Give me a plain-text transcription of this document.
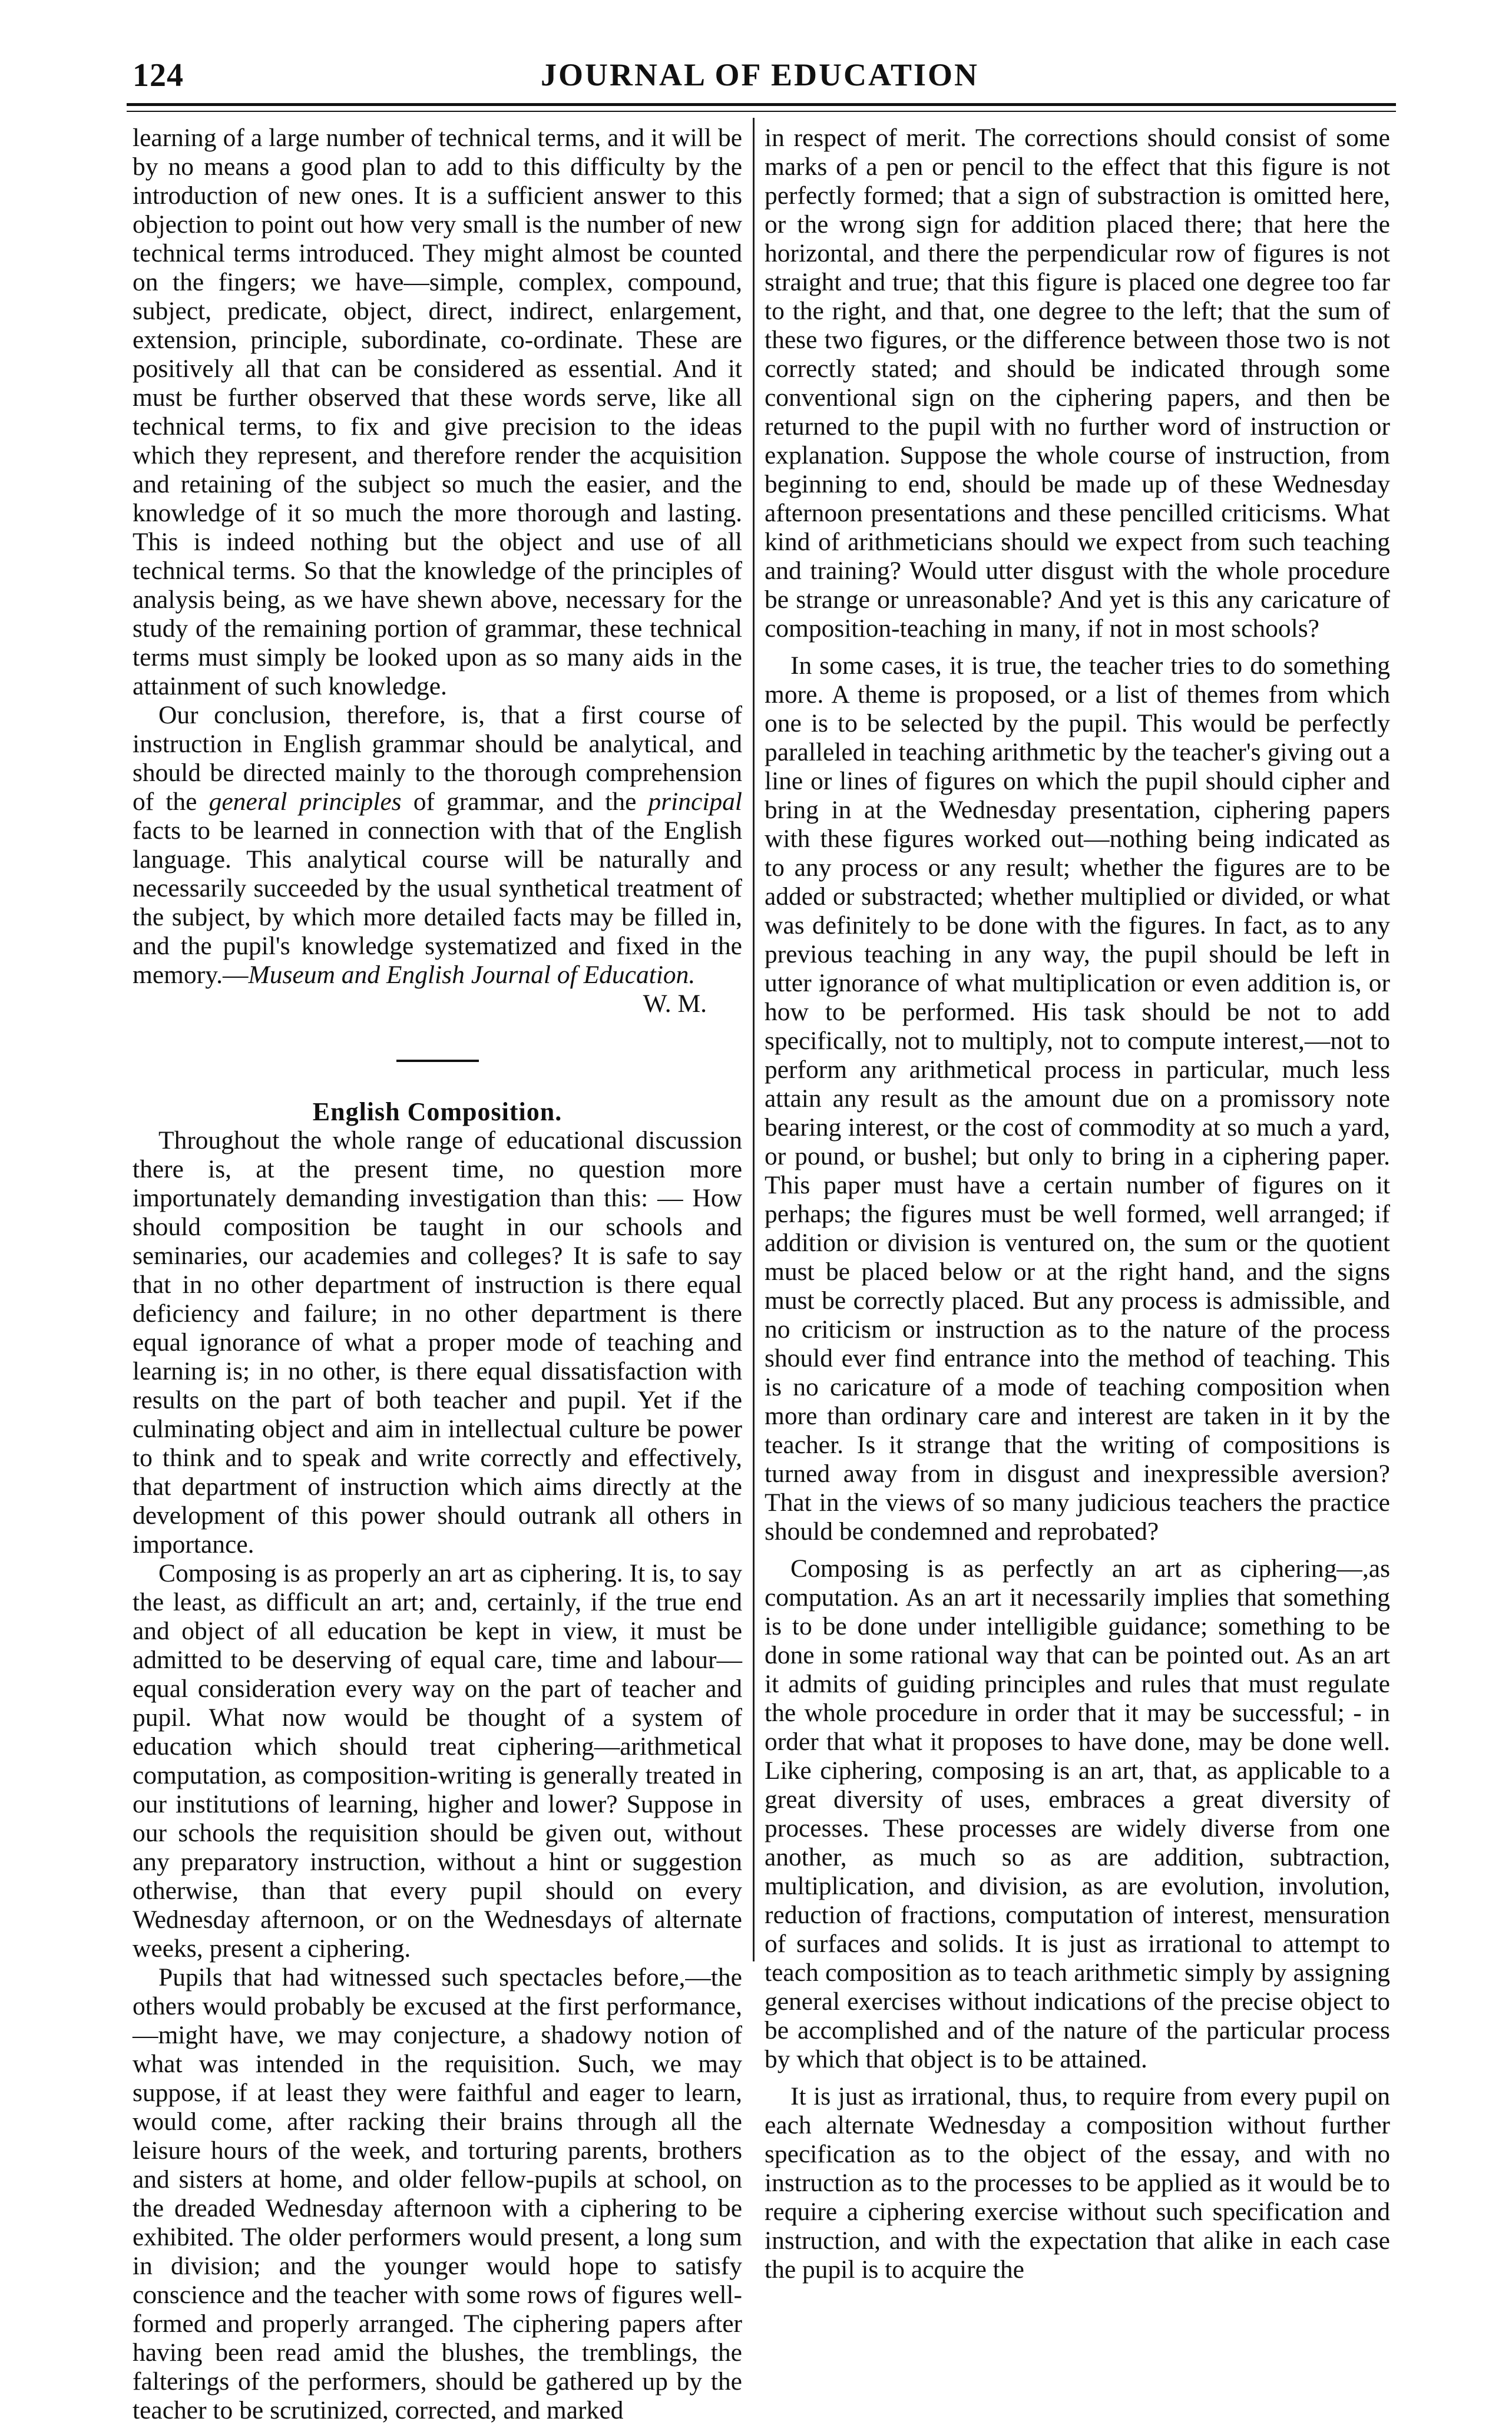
124	JOURNAL OF EDUCATION

learning of a large number of technical terms, and it will be by no means a good plan to add to this difficulty by the introduction of new ones. It is a sufficient answer to this objection to point out how very small is the number of new technical terms introduced. They might almost be counted on the fingers; we have—simple, complex, compound, subject, predicate, object, direct, indirect, enlargement, extension, principle, subordinate, co-ordinate. These are positively all that can be considered as essential. And it must be further observed that these words serve, like all technical terms, to fix and give precision to the ideas which they represent, and therefore render the acquisition and retaining of the subject so much the easier, and the knowledge of it so much the more thorough and lasting. This is indeed nothing but the object and use of all technical terms. So that the knowledge of the principles of analysis being, as we have shewn above, necessary for the study of the remaining portion of grammar, these technical terms must simply be looked upon as so many aids in the attainment of such knowledge.

Our conclusion, therefore, is, that a first course of instruction in English grammar should be analytical, and should be directed mainly to the thorough comprehension of the general principles of grammar, and the principal facts to be learned in connection with that of the English language. This analytical course will be naturally and necessarily succeeded by the usual synthetical treatment of the subject, by which more detailed facts may be filled in, and the pupil's knowledge systematized and fixed in the memory.—Museum and English Journal of Education.

W. M.

English Composition.

Throughout the whole range of educational discussion there is, at the present time, no question more importunately demanding investigation than this: — How should composition be taught in our schools and seminaries, our academies and colleges? It is safe to say that in no other department of instruction is there equal deficiency and failure; in no other department is there equal ignorance of what a proper mode of teaching and learning is; in no other, is there equal dissatisfaction with results on the part of both teacher and pupil. Yet if the culminating object and aim in intellectual culture be power to think and to speak and write correctly and effectively, that department of instruction which aims directly at the development of this power should outrank all others in importance.

Composing is as properly an art as ciphering. It is, to say the least, as difficult an art; and, certainly, if the true end and object of all education be kept in view, it must be admitted to be deserving of equal care, time and labour—equal consideration every way on the part of teacher and pupil. What now would be thought of a system of education which should treat ciphering—arithmetical computation, as composition-writing is generally treated in our institutions of learning, higher and lower? Suppose in our schools the requisition should be given out, without any preparatory instruction, without a hint or suggestion otherwise, than that every pupil should on every Wednesday afternoon, or on the Wednesdays of alternate weeks, present a ciphering.

Pupils that had witnessed such spectacles before,—the others would probably be excused at the first performance,—might have, we may conjecture, a shadowy notion of what was intended in the requisition. Such, we may suppose, if at least they were faithful and eager to learn, would come, after racking their brains through all the leisure hours of the week, and torturing parents, brothers and sisters at home, and older fellow-pupils at school, on the dreaded Wednesday afternoon with a ciphering to be exhibited. The older performers would present, a long sum in division; and the younger would hope to satisfy conscience and the teacher with some rows of figures well-formed and properly arranged. The ciphering papers after having been read amid the blushes, the tremblings, the falterings of the performers, should be gathered up by the teacher to be scrutinized, corrected, and marked

in respect of merit. The corrections should consist of some marks of a pen or pencil to the effect that this figure is not perfectly formed; that a sign of substraction is omitted here, or the wrong sign for addition placed there; that here the horizontal, and there the perpendicular row of figures is not straight and true; that this figure is placed one degree too far to the right, and that, one degree to the left; that the sum of these two figures, or the difference between those two is not correctly stated; and should be indicated through some conventional sign on the ciphering papers, and then be returned to the pupil with no further word of instruction or explanation. Suppose the whole course of instruction, from beginning to end, should be made up of these Wednesday afternoon presentations and these pencilled criticisms. What kind of arithmeticians should we expect from such teaching and training? Would utter disgust with the whole procedure be strange or unreasonable? And yet is this any caricature of composition-teaching in many, if not in most schools?

In some cases, it is true, the teacher tries to do something more. A theme is proposed, or a list of themes from which one is to be selected by the pupil. This would be perfectly paralleled in teaching arithmetic by the teacher's giving out a line or lines of figures on which the pupil should cipher and bring in at the Wednesday presentation, ciphering papers with these figures worked out—nothing being indicated as to any process or any result; whether the figures are to be added or substracted; whether multiplied or divided, or what was definitely to be done with the figures. In fact, as to any previous teaching in any way, the pupil should be left in utter ignorance of what multiplication or even addition is, or how to be performed. His task should be not to add specifically, not to multiply, not to compute interest,—not to perform any arithmetical process in particular, much less attain any result as the amount due on a promissory note bearing interest, or the cost of commodity at so much a yard, or pound, or bushel; but only to bring in a ciphering paper. This paper must have a certain number of figures on it perhaps; the figures must be well formed, well arranged; if addition or division is ventured on, the sum or the quotient must be placed below or at the right hand, and the signs must be correctly placed. But any process is admissible, and no criticism or instruction as to the nature of the process should ever find entrance into the method of teaching. This is no caricature of a mode of teaching composition when more than ordinary care and interest are taken in it by the teacher. Is it strange that the writing of compositions is turned away from in disgust and inexpressible aversion? That in the views of so many judicious teachers the practice should be condemned and reprobated?

Composing is as perfectly an art as ciphering—,as computation. As an art it necessarily implies that something is to be done under intelligible guidance; something to be done in some rational way that can be pointed out. As an art it admits of guiding principles and rules that must regulate the whole procedure in order that it may be successful; - in order that what it proposes to have done, may be done well. Like ciphering, composing is an art, that, as applicable to a great diversity of uses, embraces a great diversity of processes. These processes are widely diverse from one another, as much so as are addition, subtraction, multiplication, and division, as are evolution, involution, reduction of fractions, computation of interest, mensuration of surfaces and solids. It is just as irrational to attempt to teach composition as to teach arithmetic simply by assigning general exercises without indications of the precise object to be accomplished and of the nature of the particular process by which that object is to be attained.

It is just as irrational, thus, to require from every pupil on each alternate Wednesday a composition without further specification as to the object of the essay, and with no instruction as to the processes to be applied as it would be to require a ciphering exercise without such specification and instruction, and with the expectation that alike in each case the pupil is to acquire the
